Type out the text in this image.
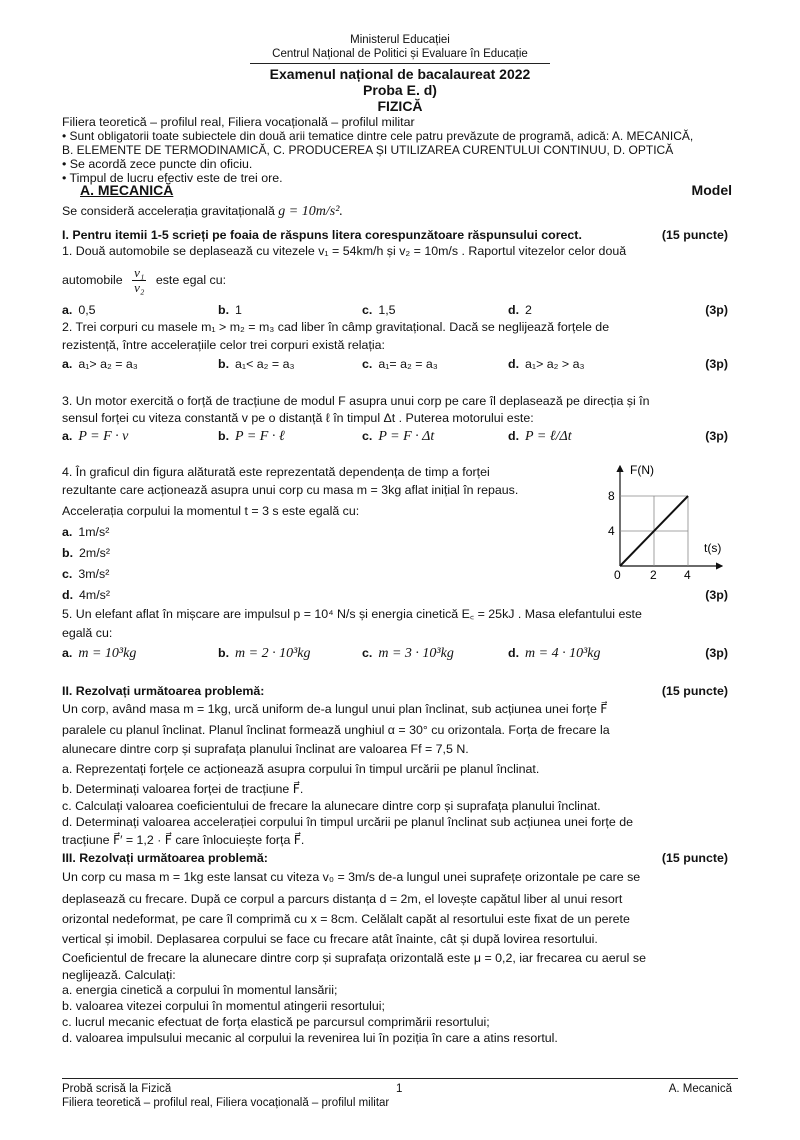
Ministerul Educației
Centrul Național de Politici și Evaluare în Educație
Examenul național de bacalaureat 2022
Proba E. d)
FIZICĂ
Filiera teoretică – profilul real, Filiera vocațională – profilul militar
• Sunt obligatorii toate subiectele din două arii tematice dintre cele patru prevăzute de programă, adică: A. MECANICĂ,
B. ELEMENTE DE TERMODINAMICĂ, C. PRODUCEREA ȘI UTILIZAREA CURENTULUI CONTINUU, D. OPTICĂ
• Se acordă zece puncte din oficiu.
• Timpul de lucru efectiv este de trei ore.
A. MECANICĂ	Model
Se consideră accelerația gravitațională g = 10m/s².
I. Pentru itemii 1-5 scrieți pe foaia de răspuns litera corespunzătoare răspunsului corect.	(15 puncte)
1. Două automobile se deplasează cu vitezele v₁ = 54km/h și v₂ = 10m/s . Raportul vitezelor celor două
automobile $\frac{\text{v₁}}{\text{v₂}}$ este egal cu:
a. 0,5	b. 1	c. 1,5	d. 2	(3p)
2. Trei corpuri cu masele m₁ > m₂ = m₃ cad liber în câmp gravitațional. Dacă se neglijează forțele de
rezistență, între accelerațiile celor trei corpuri există relația:
a. a₁> a₂ = a₃	b. a₁< a₂ = a₃	c. a₁= a₂ = a₃	d. a₁> a₂ > a₃	(3p)
3. Un motor exercită o forță de tracțiune de modul F asupra unui corp pe care îl deplasează pe direcția și în
sensul forței cu viteza constantă v pe o distanță ℓ în timpul Δt . Puterea motorului este:
a. P = F · v	b. P = F · ℓ	c. P = F · Δt	d. P = ℓ/Δt	(3p)
4. În graficul din figura alăturată este reprezentată dependența de timp a forței
rezultante care acționează asupra unui corp cu masa m = 3kg aflat inițial în repaus.
Accelerația corpului la momentul t = 3 s este egală cu:
a. 1m/s²
b. 2m/s²
c. 3m/s²
d. 4m/s²	(3p)
F(N)
t(s)
8
4
0 2 4
5. Un elefant aflat în mișcare are impulsul p = 10⁴ N/s și energia cinetică E꜀ = 25kJ . Masa elefantului este
egală cu:
a. m = 10³kg	b. m = 2 · 10³kg	c. m = 3 · 10³kg	d. m = 4 · 10³kg	(3p)
II. Rezolvați următoarea problemă:	(15 puncte)
Un corp, având masa m = 1kg, urcă uniform de-a lungul unui plan înclinat, sub acțiunea unei forțe F⃗
paralele cu planul înclinat. Planul înclinat formează unghiul α = 30° cu orizontala. Forța de frecare la
alunecare dintre corp și suprafața planului înclinat are valoarea Ff = 7,5 N.
a. Reprezentați forțele ce acționează asupra corpului în timpul urcării pe planul înclinat.
b. Determinați valoarea forței de tracțiune F⃗.
c. Calculați valoarea coeficientului de frecare la alunecare dintre corp și suprafața planului înclinat.
d. Determinați valoarea accelerației corpului în timpul urcării pe planul înclinat sub acțiunea unei forțe de
tracțiune F⃗′ = 1,2 · F⃗ care înlocuiește forța F⃗.
III. Rezolvați următoarea problemă:	(15 puncte)
Un corp cu masa m = 1kg este lansat cu viteza v₀ = 3m/s de-a lungul unei suprafețe orizontale pe care se
deplasează cu frecare. După ce corpul a parcurs distanța d = 2m, el lovește capătul liber al unui resort
orizontal nedeformat, pe care îl comprimă cu x = 8cm. Celălalt capăt al resortului este fixat de un perete
vertical și imobil. Deplasarea corpului se face cu frecare atât înainte, cât și după lovirea resortului.
Coeficientul de frecare la alunecare dintre corp și suprafața orizontală este μ = 0,2, iar frecarea cu aerul se
neglijează. Calculați:
a. energia cinetică a corpului în momentul lansării;
b. valoarea vitezei corpului în momentul atingerii resortului;
c. lucrul mecanic efectuat de forța elastică pe parcursul comprimării resortului;
d. valoarea impulsului mecanic al corpului la revenirea lui în poziția în care a atins resortul.
Probă scrisă la Fizică	1	A. Mecanică
Filiera teoretică – profilul real, Filiera vocațională – profilul militar
